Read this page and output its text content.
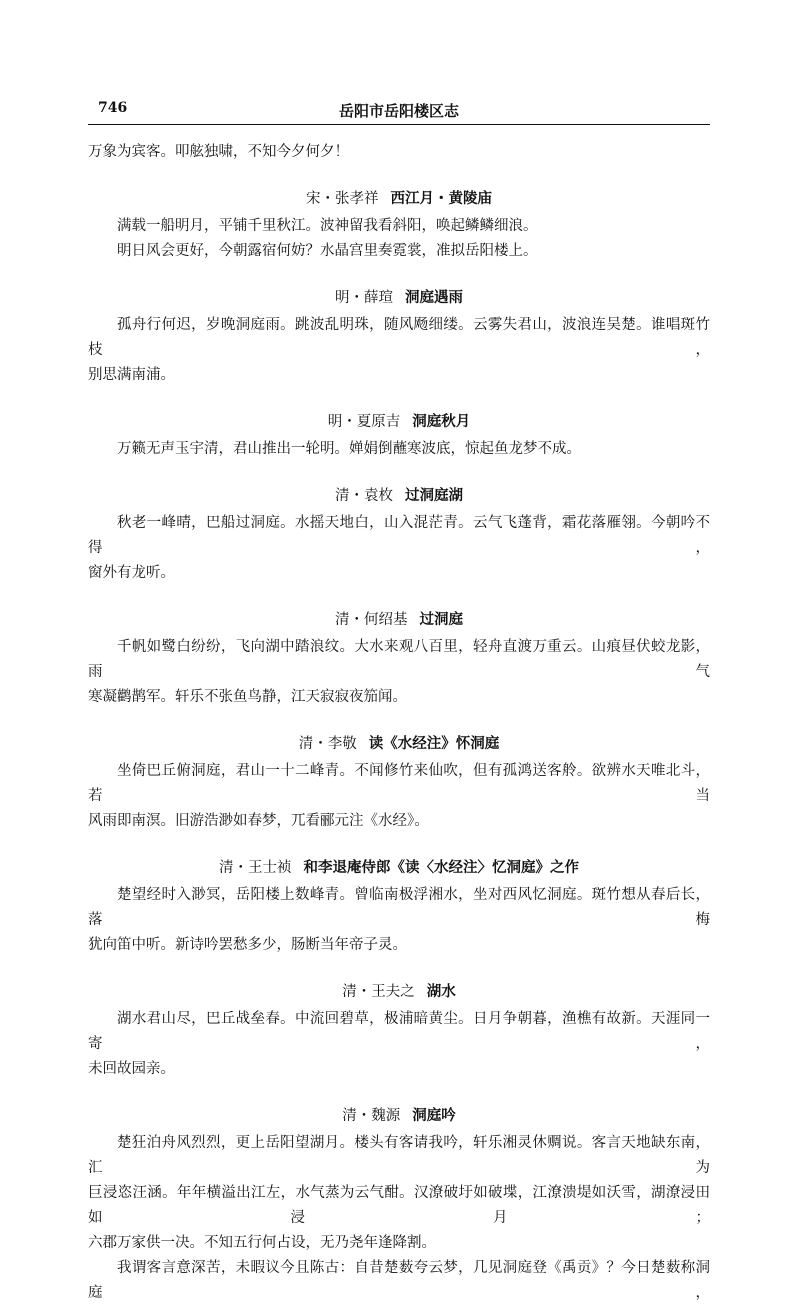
746	岳阳市岳阳楼区志
万象为宾客。叩舷独啸，不知今夕何夕！
宋・张孝祥 西江月・黄陵庙
满载一船明月，平铺千里秋江。波神留我看斜阳，唤起鳞鳞细浪。
明日风会更好，今朝露宿何妨？水晶宫里奏霓裳，准拟岳阳楼上。
明・薛瑄 洞庭遇雨
孤舟行何迟，岁晚洞庭雨。跳波乱明珠，随风飏细缕。云雾失君山，波浪连吴楚。谁唱斑竹枝，
别思满南浦。
明・夏原吉 洞庭秋月
万籁无声玉宇清，君山推出一轮明。婵娟倒蘸寒波底，惊起鱼龙梦不成。
清・袁枚 过洞庭湖
秋老一峰晴，巴船过洞庭。水摇天地白，山入混茫青。云气飞蓬背，霜花落雁翎。今朝吟不得，
窗外有龙听。
清・何绍基 过洞庭
千帆如鹭白纷纷，飞向湖中踏浪纹。大水来观八百里，轻舟直渡万重云。山痕昼伏蛟龙影，雨气
寒凝鹳鹊军。轩乐不张鱼鸟静，江天寂寂夜笳闻。
清・李敬 读《水经注》怀洞庭
坐倚巴丘俯洞庭，君山一十二峰青。不闻修竹来仙吹，但有孤鸿送客舲。欲辨水天唯北斗，若当
风雨即南溟。旧游浩渺如春梦，兀看郦元注《水经》。
清・王士祯 和李退庵侍郎《读〈水经注〉忆洞庭》之作
楚望经时入渺冥，岳阳楼上数峰青。曾临南极浮湘水，坐对西风忆洞庭。斑竹想从春后长，落梅
犹向笛中听。新诗吟罢愁多少，肠断当年帝子灵。
清・王夫之 湖水
湖水君山尽，巴丘战垒春。中流回碧草，极浦暗黄尘。日月争朝暮，渔樵有故新。天涯同一寄，
未回故园亲。
清・魏源 洞庭吟
楚狂泊舟风烈烈，更上岳阳望湖月。楼头有客请我吟，轩乐湘灵休赒说。客言天地缺东南，汇为
巨浸恣汪涵。年年横溢出江左，水气蒸为云气酣。汉潦破圩如破堞，江潦溃堤如沃雪，湖潦浸田如浸月；
六郡万家供一决。不知五行何占设，无乃尧年逢降割。
我谓客言意深苦，未暇议今且陈古：自昔楚薮夸云梦，几见洞庭登《禹贡》？今日楚薮称洞庭，
